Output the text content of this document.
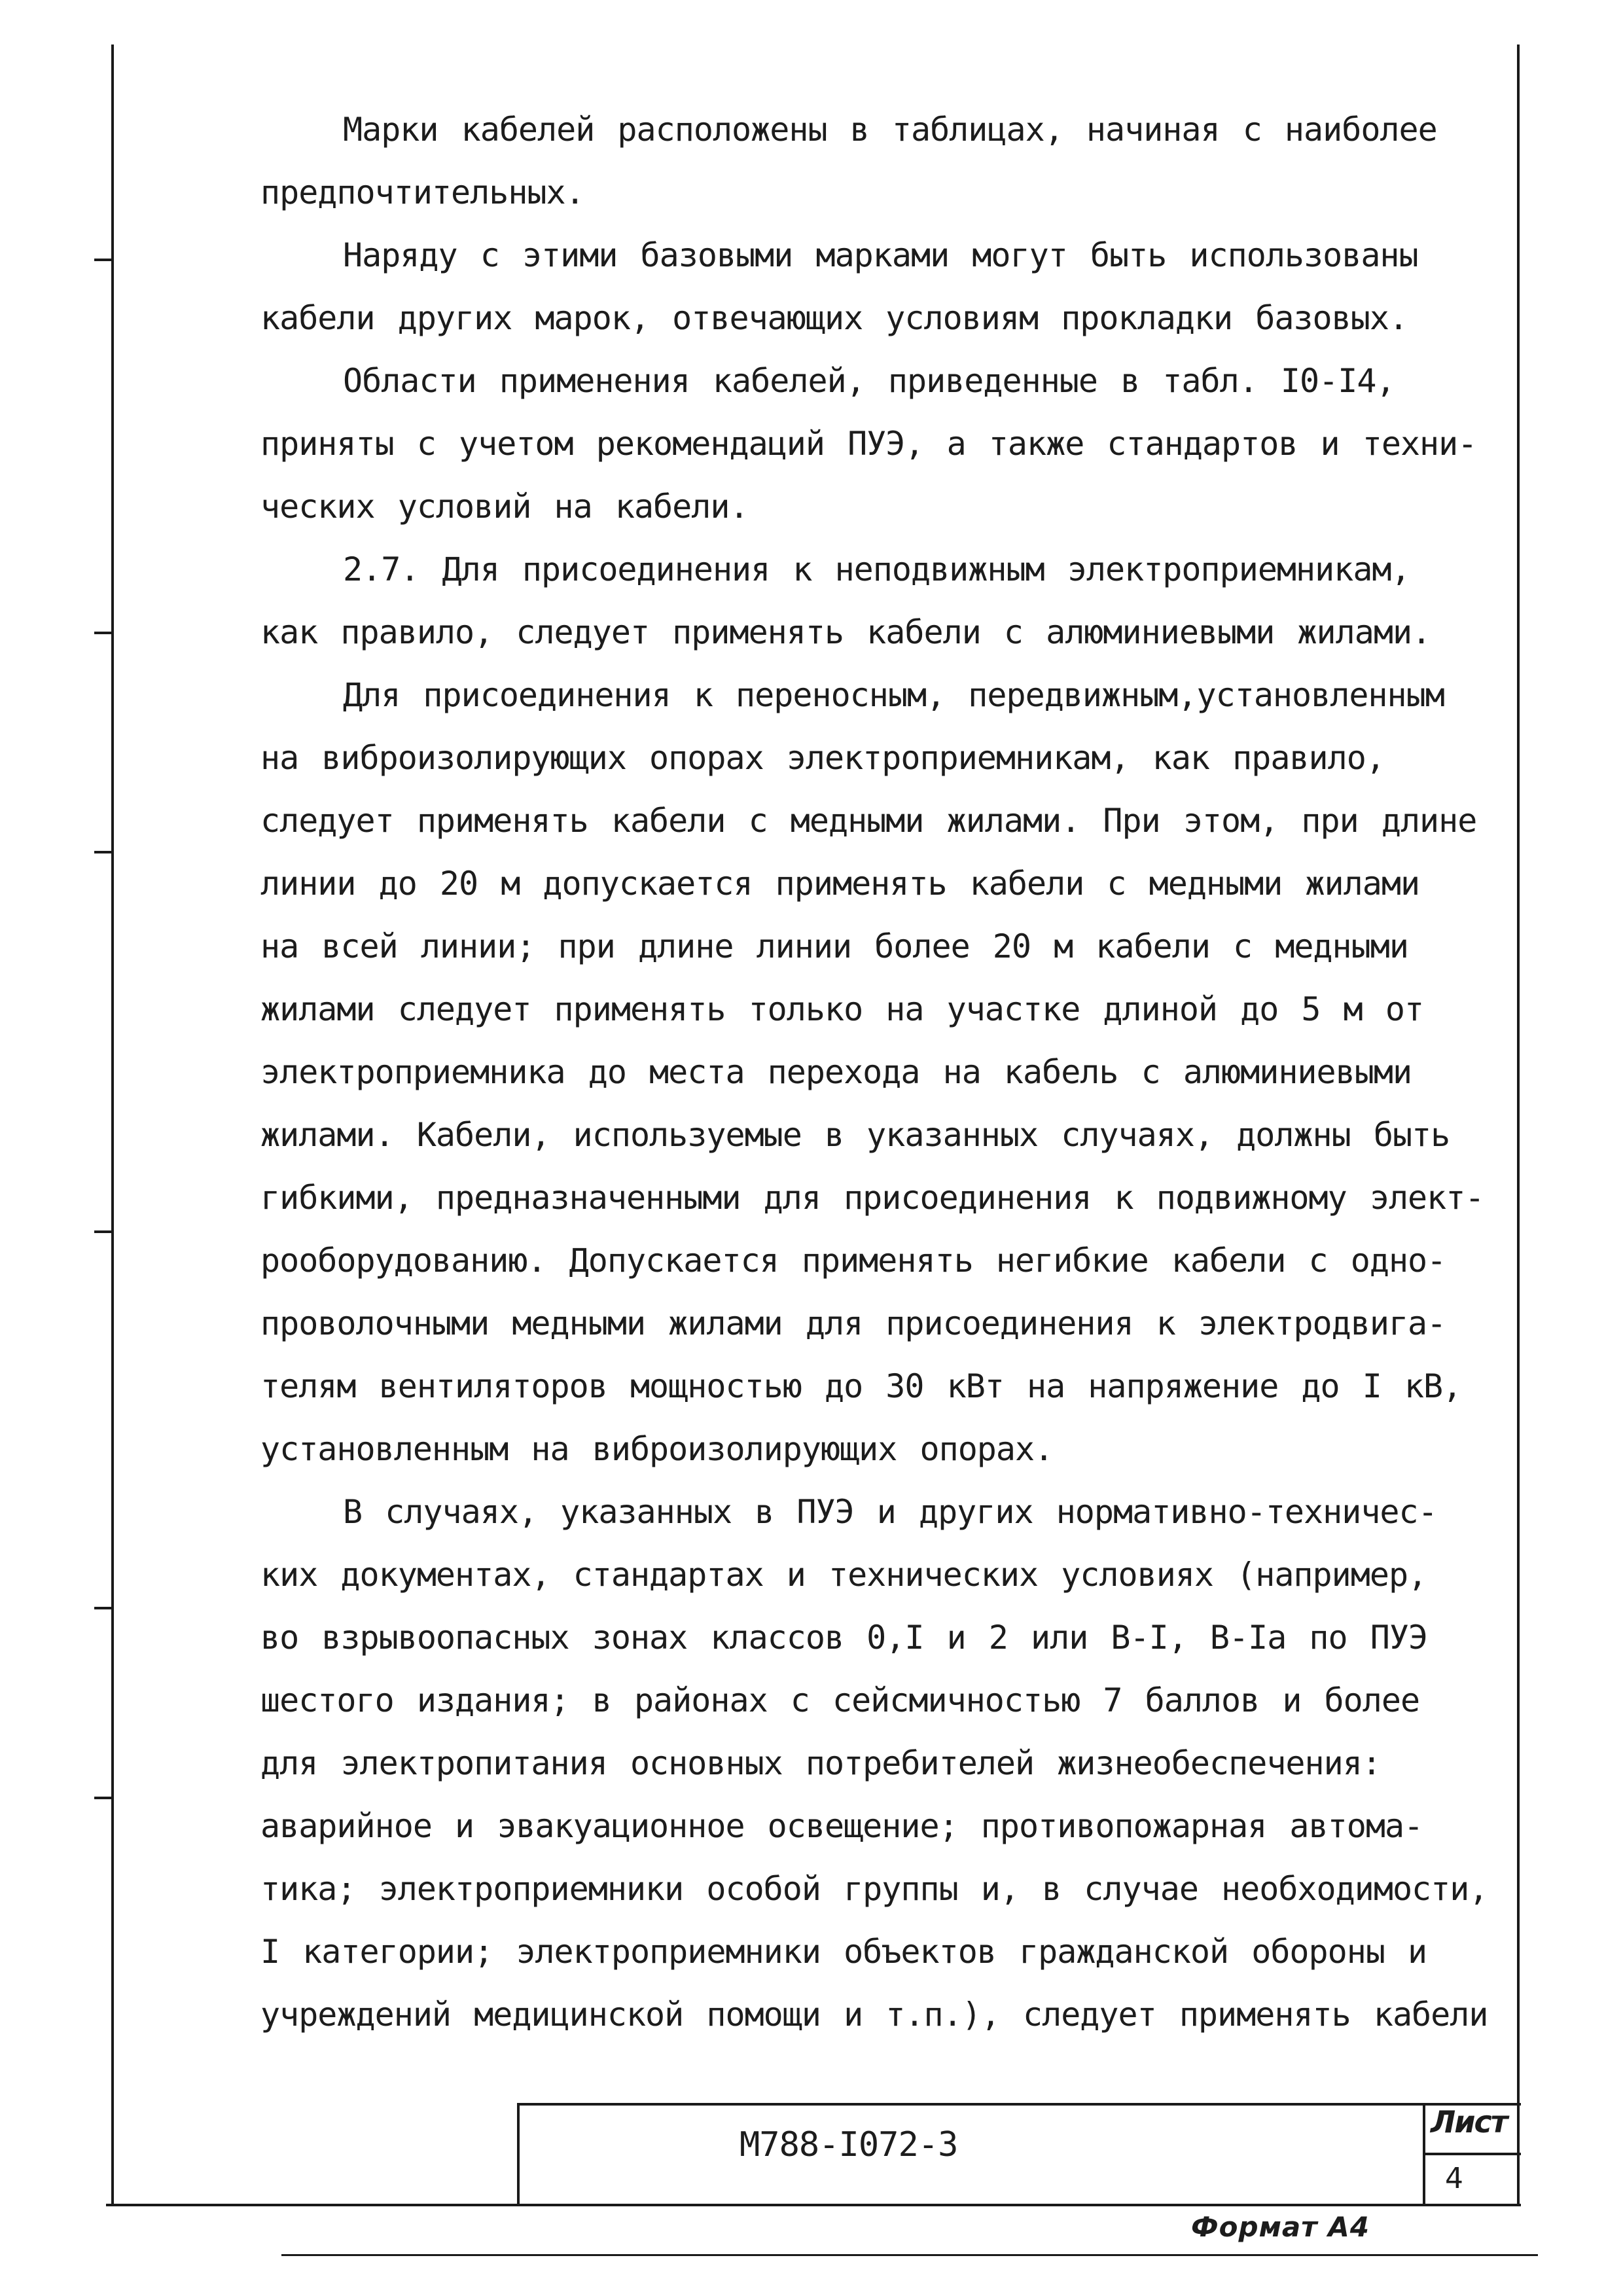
Марки кабелей расположены в таблицах, начиная с наиболее
предпочтительных.
Наряду с этими базовыми марками могут быть использованы
кабели других марок, отвечающих условиям прокладки базовых.
Области применения кабелей, приведенные в табл. I0-I4,
приняты с учетом рекомендаций ПУЭ, а также стандартов и техни-
ческих условий на кабели.
2.7. Для присоединения к неподвижным электроприемникам,
как правило, следует применять кабели с алюминиевыми жилами.
Для присоединения к переносным, передвижным,установленным
на виброизолирующих опорах электроприемникам, как правило,
следует применять кабели с медными жилами. При этом, при длине
линии до 20 м допускается применять кабели с медными жилами
на всей линии; при длине линии более 20 м кабели с медными
жилами следует применять только на участке длиной до 5 м от
электроприемника до места перехода на кабель с алюминиевыми
жилами. Кабели, используемые в указанных случаях, должны быть
гибкими, предназначенными для присоединения к подвижному элект-
рооборудованию. Допускается применять негибкие кабели с одно-
проволочными медными жилами для присоединения к электродвига-
телям вентиляторов мощностью до 30 кВт на напряжение до I кВ,
установленным на виброизолирующих опорах.
В случаях, указанных в ПУЭ и других нормативно-техничес-
ких документах, стандартах и технических условиях (например,
во взрывоопасных зонах классов 0,I и 2 или В-I, В-Iа по ПУЭ
шестого издания; в районах с сейсмичностью 7 баллов и более
для электропитания основных потребителей жизнеобеспечения:
аварийное и эвакуационное освещение; противопожарная автома-
тика; электроприемники особой группы и, в случае необходимости,
I категории; электроприемники объектов гражданской обороны и
учреждений медицинской помощи и т.п.), следует применять кабели
М788-I072-3
Лист
4
Формат А4
